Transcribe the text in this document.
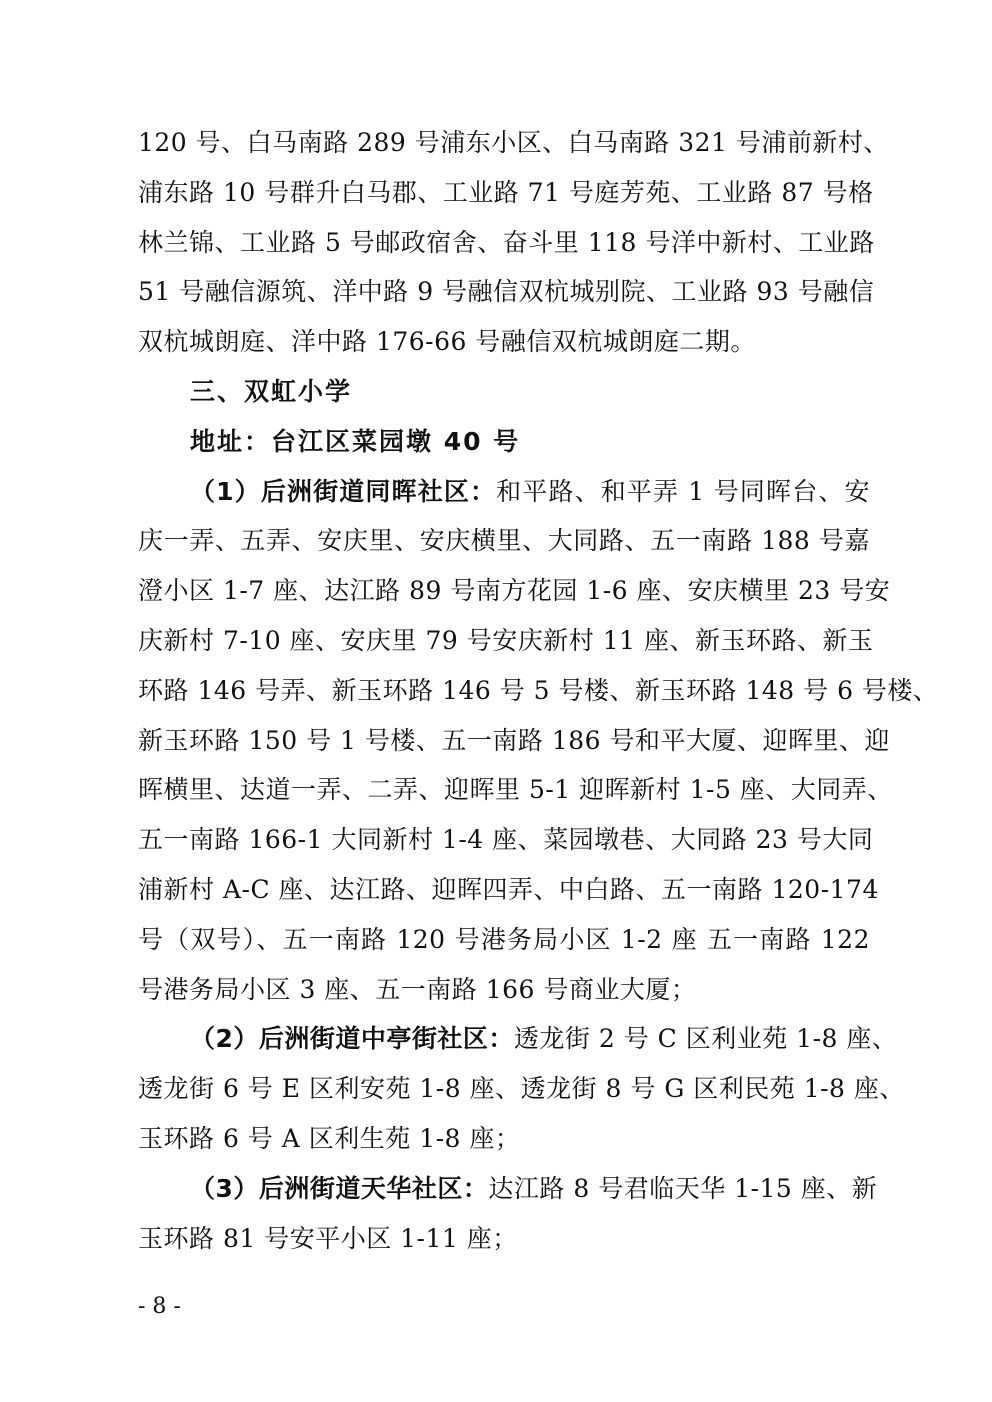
120 号、白马南路 289 号浦东小区、白马南路 321 号浦前新村、
浦东路 10 号群升白马郡、工业路 71 号庭芳苑、工业路 87 号格
林兰锦、工业路 5 号邮政宿舍、奋斗里 118 号洋中新村、工业路
51 号融信源筑、洋中路 9 号融信双杭城别院、工业路 93 号融信
双杭城朗庭、洋中路 176-66 号融信双杭城朗庭二期。
三、双虹小学
地址：台江区菜园墩 40 号
（1）后洲街道同晖社区：和平路、和平弄 1 号同晖台、安
庆一弄、五弄、安庆里、安庆横里、大同路、五一南路 188 号嘉
澄小区 1-7 座、达江路 89 号南方花园 1-6 座、安庆横里 23 号安
庆新村 7-10 座、安庆里 79 号安庆新村 11 座、新玉环路、新玉
环路 146 号弄、新玉环路 146 号 5 号楼、新玉环路 148 号 6 号楼、
新玉环路 150 号 1 号楼、五一南路 186 号和平大厦、迎晖里、迎
晖横里、达道一弄、二弄、迎晖里 5-1 迎晖新村 1-5 座、大同弄、
五一南路 166-1 大同新村 1-4 座、菜园墩巷、大同路 23 号大同
浦新村 A-C 座、达江路、迎晖四弄、中白路、五一南路 120-174
号（双号）、五一南路 120 号港务局小区 1-2 座 五一南路 122
号港务局小区 3 座、五一南路 166 号商业大厦；
（2）后洲街道中亭街社区：透龙街 2 号 C 区利业苑 1-8 座、
透龙街 6 号 E 区利安苑 1-8 座、透龙街 8 号 G 区利民苑 1-8 座、
玉环路 6 号 A 区利生苑 1-8 座；
（3）后洲街道天华社区：达江路 8 号君临天华 1-15 座、新
玉环路 81 号安平小区 1-11 座；
- 8 -
